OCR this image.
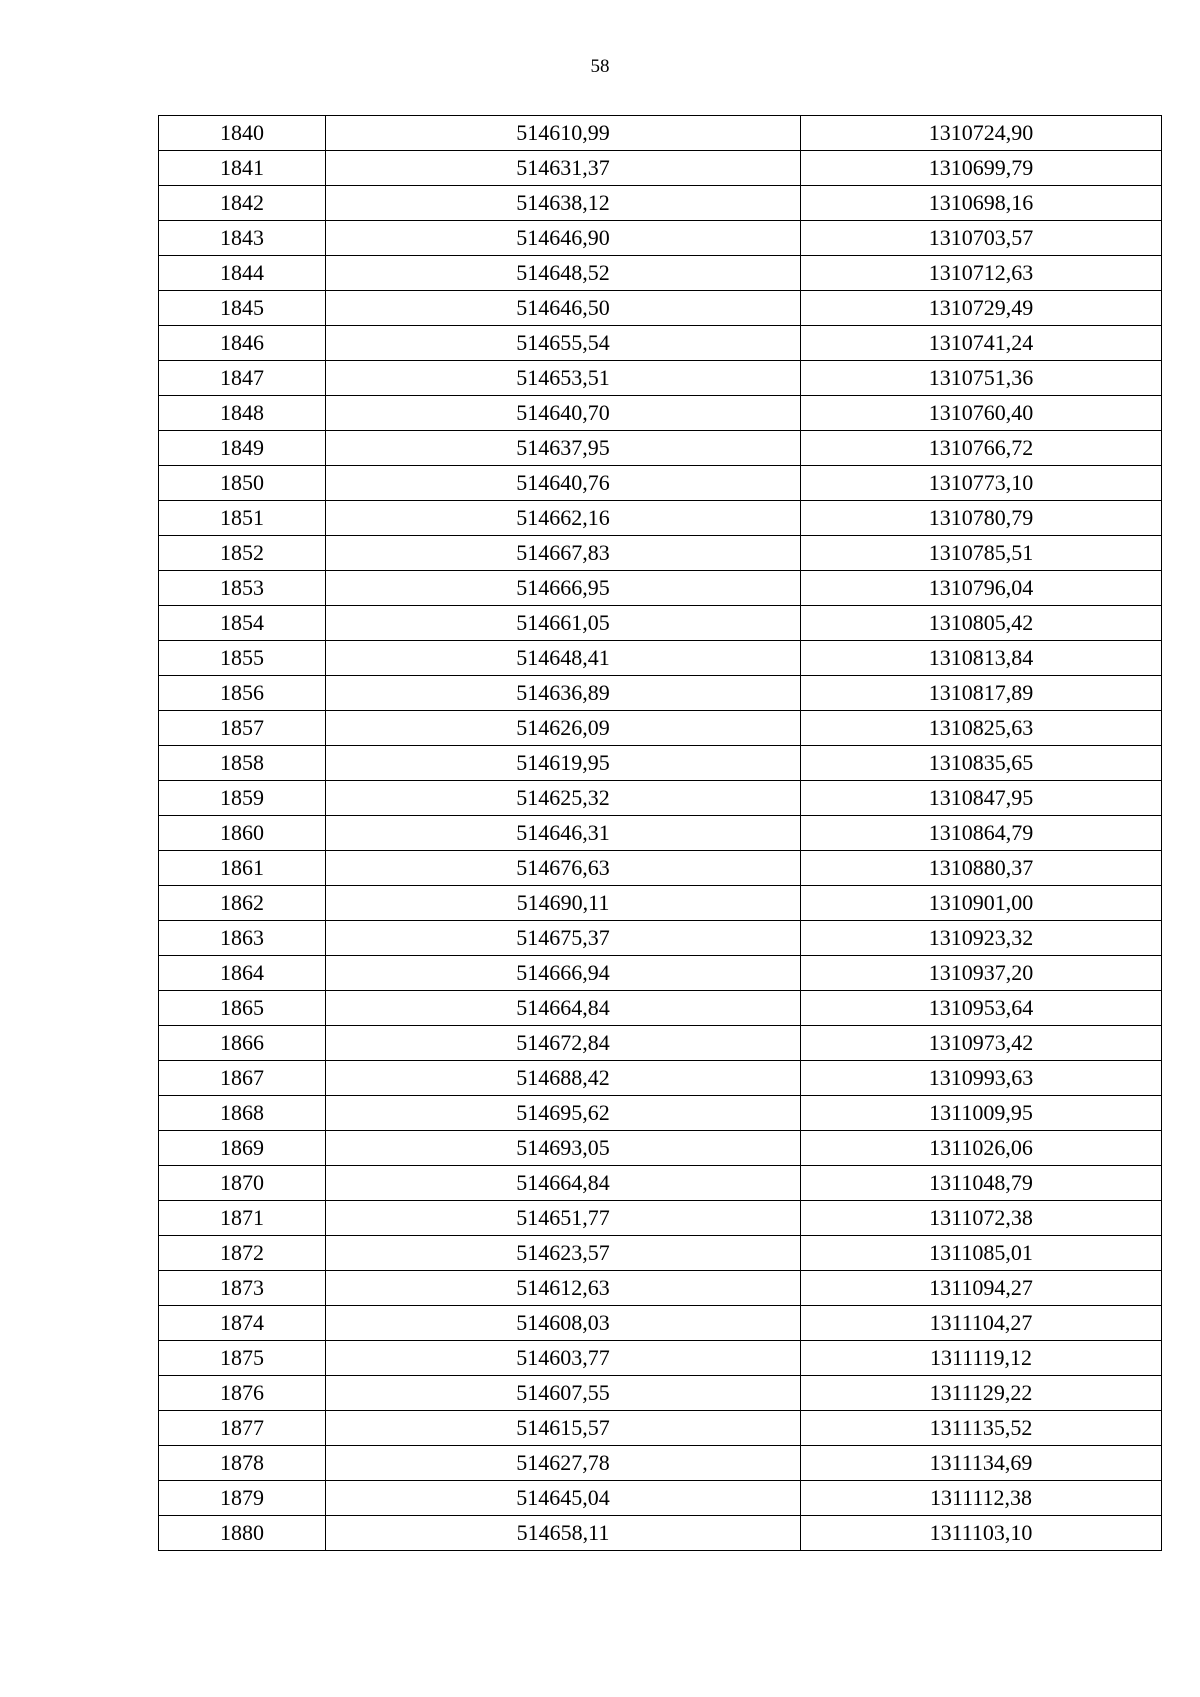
58
1840	514610,99	1310724,90
1841	514631,37	1310699,79
1842	514638,12	1310698,16
1843	514646,90	1310703,57
1844	514648,52	1310712,63
1845	514646,50	1310729,49
1846	514655,54	1310741,24
1847	514653,51	1310751,36
1848	514640,70	1310760,40
1849	514637,95	1310766,72
1850	514640,76	1310773,10
1851	514662,16	1310780,79
1852	514667,83	1310785,51
1853	514666,95	1310796,04
1854	514661,05	1310805,42
1855	514648,41	1310813,84
1856	514636,89	1310817,89
1857	514626,09	1310825,63
1858	514619,95	1310835,65
1859	514625,32	1310847,95
1860	514646,31	1310864,79
1861	514676,63	1310880,37
1862	514690,11	1310901,00
1863	514675,37	1310923,32
1864	514666,94	1310937,20
1865	514664,84	1310953,64
1866	514672,84	1310973,42
1867	514688,42	1310993,63
1868	514695,62	1311009,95
1869	514693,05	1311026,06
1870	514664,84	1311048,79
1871	514651,77	1311072,38
1872	514623,57	1311085,01
1873	514612,63	1311094,27
1874	514608,03	1311104,27
1875	514603,77	1311119,12
1876	514607,55	1311129,22
1877	514615,57	1311135,52
1878	514627,78	1311134,69
1879	514645,04	1311112,38
1880	514658,11	1311103,10
